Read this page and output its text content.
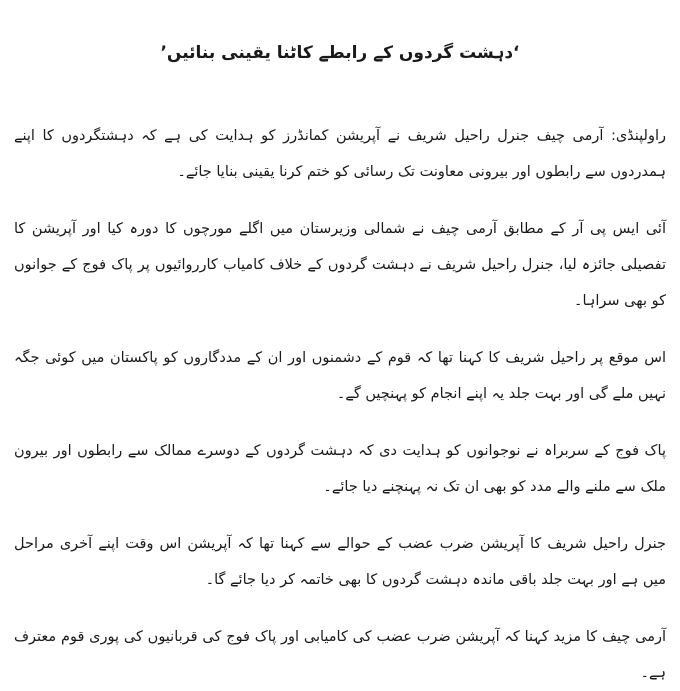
‘دہشت گردوں کے رابطے کاٹنا یقینی بنائیں’

راولپنڈی: آرمی چیف جنرل راحیل شریف نے آپریشن کمانڈرز کو ہدایت کی ہے کہ دہشتگردوں کا اپنے ہمدردوں سے رابطوں اور بیرونی معاونت تک رسائی کو ختم کرنا یقینی بنایا جائے۔

آئی ایس پی آر کے مطابق آرمی چیف نے شمالی وزیرستان میں اگلے مورچوں کا دورہ کیا اور آپریشن کا تفصیلی جائزہ لیا، جنرل راحیل شریف نے دہشت گردوں کے خلاف کامیاب کارروائیوں پر پاک فوج کے جوانوں کو بھی سراہا۔

اس موقع پر راحیل شریف کا کہنا تھا کہ قوم کے دشمنوں اور ان کے مددگاروں کو پاکستان میں کوئی جگہ نہیں ملے گی اور بہت جلد یہ اپنے انجام کو پہنچیں گے۔

پاک فوج کے سربراہ نے نوجوانوں کو ہدایت دی کہ دہشت گردوں کے دوسرے ممالک سے رابطوں اور بیرون ملک سے ملنے والے مدد کو بھی ان تک نہ پہنچنے دیا جائے۔

جنرل راحیل شریف کا آپریشن ضرب عضب کے حوالے سے کہنا تھا کہ آپریشن اس وقت اپنے آخری مراحل میں ہے اور بہت جلد باقی ماندہ دہشت گردوں کا بھی خاتمہ کر دیا جائے گا۔

آرمی چیف کا مزید کہنا کہ آپریشن ضرب عضب کی کامیابی اور پاک فوج کی قربانیوں کی پوری قوم معترف ہے۔
